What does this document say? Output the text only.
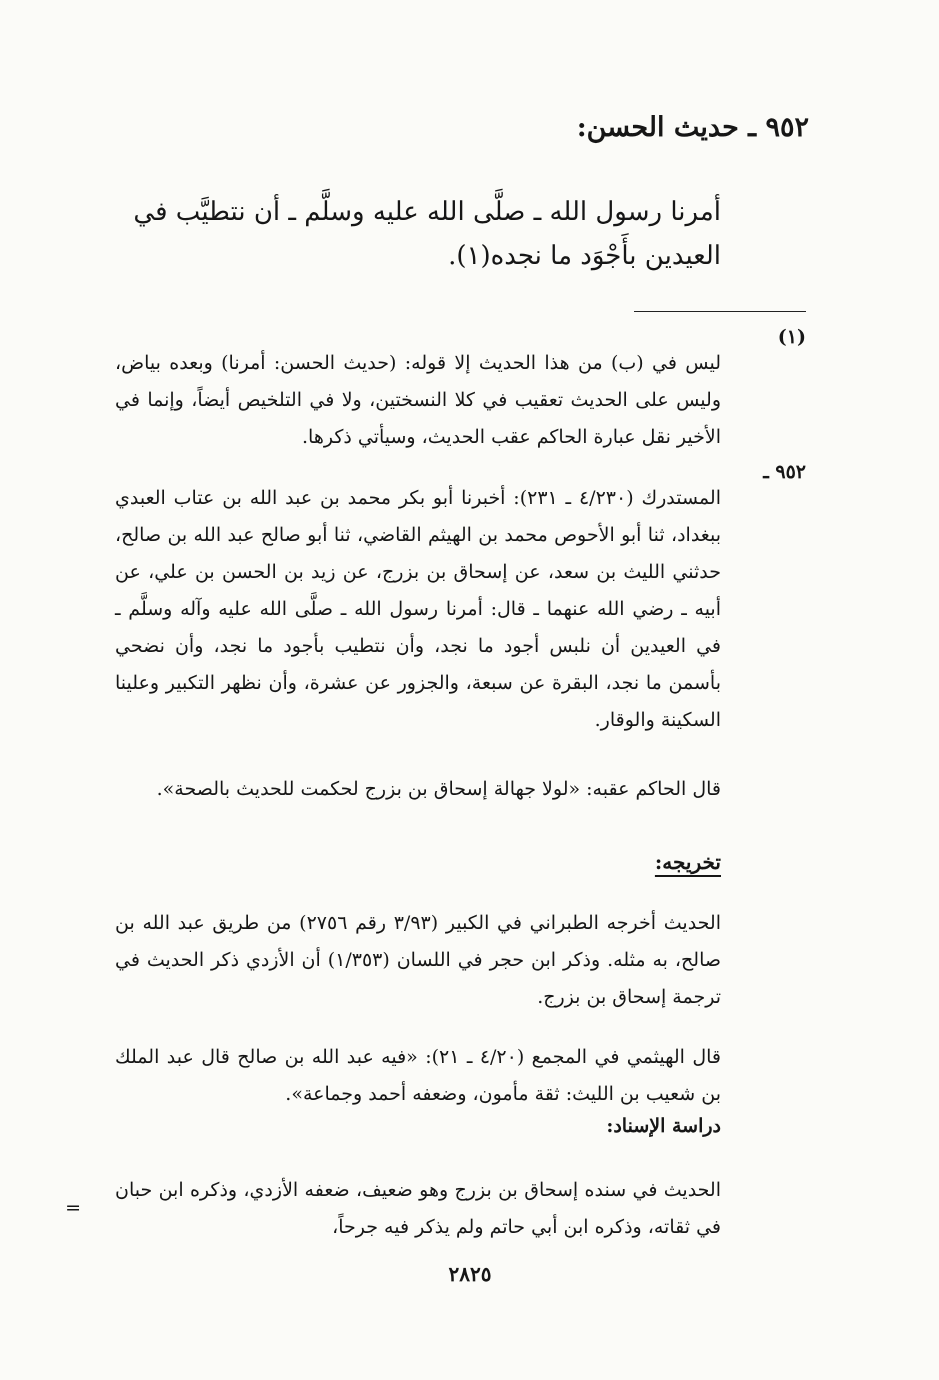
٩٥٢ ـ حديث الحسن:

أمرنا رسول الله ـ صلَّى الله عليه وسلَّم ـ أن نتطيَّب في العيدين بأَجْوَد ما نجده(١).

(١)

ليس في (ب) من هذا الحديث إلا قوله: (حديث الحسن: أمرنا) وبعده بياض، وليس على الحديث تعقيب في كلا النسختين، ولا في التلخيص أيضاً، وإنما في الأخير نقل عبارة الحاكم عقب الحديث، وسيأتي ذكرها.

٩٥٢ ـ

المستدرك (٤/٢٣٠ ـ ٢٣١): أخبرنا أبو بكر محمد بن عبد الله بن عتاب العبدي ببغداد، ثنا أبو الأحوص محمد بن الهيثم القاضي، ثنا أبو صالح عبد الله بن صالح، حدثني الليث بن سعد، عن إسحاق بن بزرج، عن زيد بن الحسن بن علي، عن أبيه ـ رضي الله عنهما ـ قال: أمرنا رسول الله ـ صلَّى الله عليه وآله وسلَّم ـ في العيدين أن نلبس أجود ما نجد، وأن نتطيب بأجود ما نجد، وأن نضحي بأسمن ما نجد، البقرة عن سبعة، والجزور عن عشرة، وأن نظهر التكبير وعلينا السكينة والوقار.

قال الحاكم عقبه: «لولا جهالة إسحاق بن بزرج لحكمت للحديث بالصحة».

تخريجه:

الحديث أخرجه الطبراني في الكبير (٣/٩٣ رقم ٢٧٥٦) من طريق عبد الله بن صالح، به مثله. وذكر ابن حجر في اللسان (١/٣٥٣) أن الأزدي ذكر الحديث في ترجمة إسحاق بن بزرج.

قال الهيثمي في المجمع (٤/٢٠ ـ ٢١): «فيه عبد الله بن صالح قال عبد الملك بن شعيب بن الليث: ثقة مأمون، وضعفه أحمد وجماعة».

دراسة الإسناد:

الحديث في سنده إسحاق بن بزرج وهو ضعيف، ضعفه الأزدي، وذكره ابن حبان في ثقاته، وذكره ابن أبي حاتم ولم يذكر فيه جرحاً،

=
٢٨٢٥
